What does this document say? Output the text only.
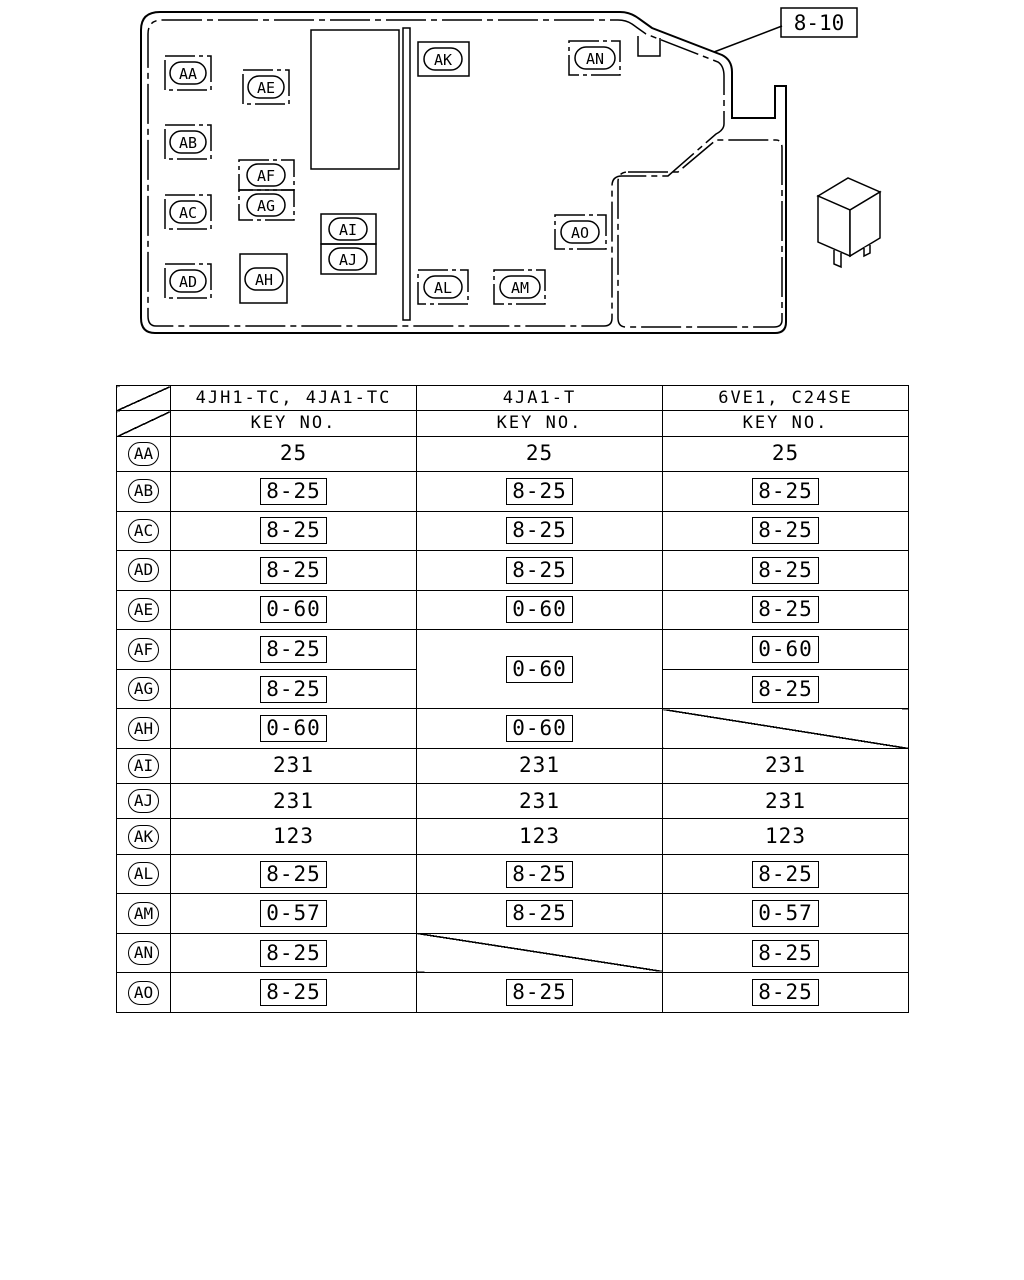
AA
AB
AC
AD
AE
AF
AG
AH
AI
AJ
AK
AL	AM
AN
AO
8-10
	4JH1-TC, 4JA1-TC	4JA1-T	6VE1, C24SE
	KEY NO.	KEY NO.	KEY NO.
AA	25	25	25
AB	8-25	8-25	8-25
AC	8-25	8-25	8-25
AD	8-25	8-25	8-25
AE	0-60	0-60	8-25
AF	8-25	0-60	0-60
AG	8-25		8-25
AH	0-60	0-60	
AI	231	231	231
AJ	231	231	231
AK	123	123	123
AL	8-25	8-25	8-25
AM	0-57	8-25	0-57
AN	8-25		8-25
AO	8-25	8-25	8-25
